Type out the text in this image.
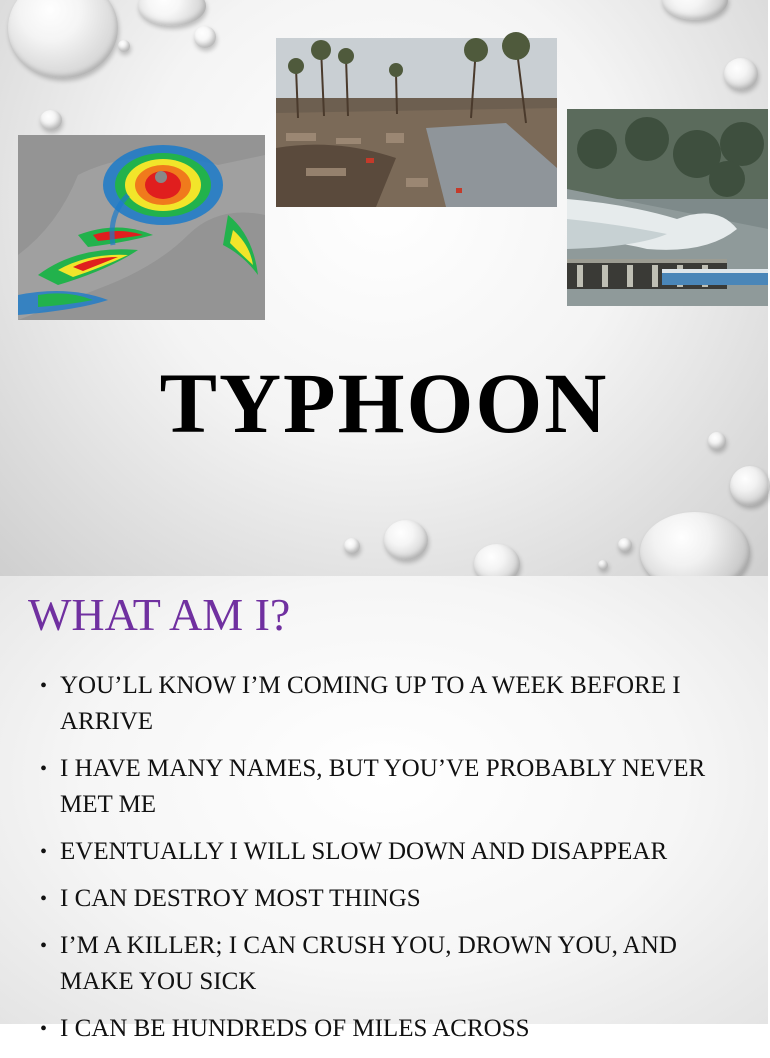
TYPHOON
WHAT AM I?
• YOU’LL KNOW I’M COMING UP TO A WEEK BEFORE I ARRIVE
• I HAVE MANY NAMES, BUT YOU’VE PROBABLY NEVER MET ME
• EVENTUALLY I WILL SLOW DOWN AND DISAPPEAR
• I CAN DESTROY MOST THINGS
• I’M A KILLER; I CAN CRUSH YOU, DROWN YOU, AND MAKE YOU SICK
• I CAN BE HUNDREDS OF MILES ACROSS
